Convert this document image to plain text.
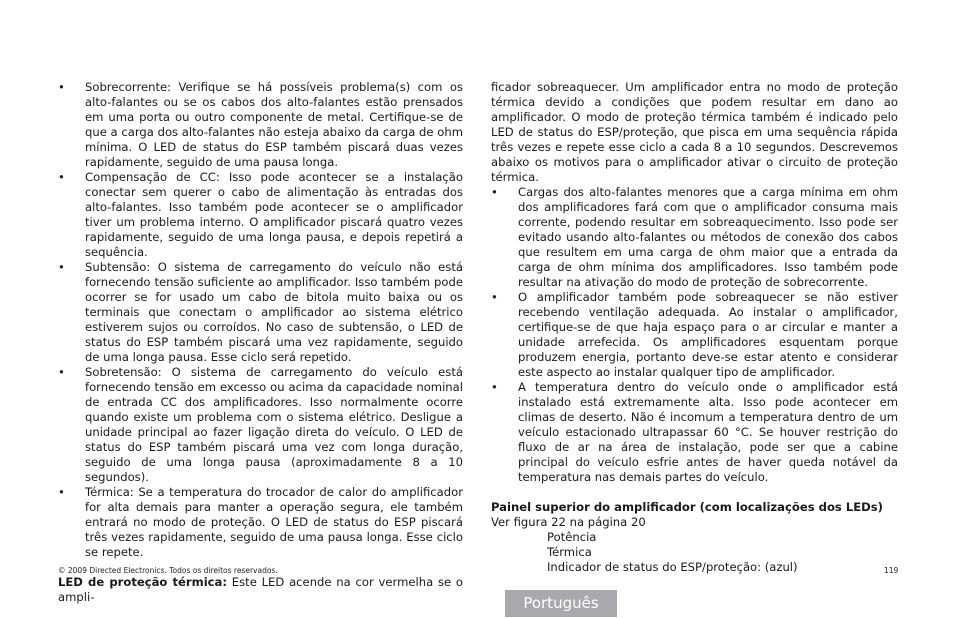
• Sobrecorrente: Verifique se há possíveis problema(s) com os alto-falantes ou se os cabos dos alto-falantes estão prensados em uma porta ou outro componente de metal. Certifique-se de que a carga dos alto-falantes não esteja abaixo da carga de ohm mínima. O LED de status do ESP também piscará duas vezes rapidamente, seguido de uma pausa longa.

• Compensação de CC: Isso pode acontecer se a instalação conectar sem querer o cabo de alimentação às entradas dos alto-falantes. Isso também pode acontecer se o amplificador tiver um problema interno. O amplificador piscará quatro vezes rapidamente, seguido de uma longa pausa, e depois repetirá a sequência.

• Subtensão: O sistema de carregamento do veículo não está fornecendo tensão suficiente ao amplificador. Isso também pode ocorrer se for usado um cabo de bitola muito baixa ou os terminais que conectam o amplificador ao sistema elétrico estiverem sujos ou corroídos. No caso de subtensão, o LED de status do ESP também piscará uma vez rapidamente, seguido de uma longa pausa. Esse ciclo será repetido.

• Sobretensão: O sistema de carregamento do veículo está fornecendo tensão em excesso ou acima da capacidade nominal de entrada CC dos amplificadores. Isso normalmente ocorre quando existe um problema com o sistema elétrico. Desligue a unidade principal ao fazer ligação direta do veículo. O LED de status do ESP também piscará uma vez com longa duração, seguido de uma longa pausa (aproximadamente 8 a 10 segundos).

• Térmica: Se a temperatura do trocador de calor do amplificador for alta demais para manter a operação segura, ele também entrará no modo de proteção. O LED de status do ESP piscará três vezes rapidamente, seguido de uma pausa longa. Esse ciclo se repete.

LED de proteção térmica: Este LED acende na cor vermelha se o ampli-

ficador sobreaquecer. Um amplificador entra no modo de proteção térmica devido a condições que podem resultar em dano ao amplificador. O modo de proteção térmica também é indicado pelo LED de status do ESP/proteção, que pisca em uma sequência rápida três vezes e repete esse ciclo a cada 8 a 10 segundos. Descrevemos abaixo os motivos para o amplificador ativar o circuito de proteção térmica.

• Cargas dos alto-falantes menores que a carga mínima em ohm dos amplificadores fará com que o amplificador consuma mais corrente, podendo resultar em sobreaquecimento. Isso pode ser evitado usando alto-falantes ou métodos de conexão dos cabos que resultem em uma carga de ohm maior que a entrada da carga de ohm mínima dos amplificadores. Isso também pode resultar na ativação do modo de proteção de sobrecorrente.

• O amplificador também pode sobreaquecer se não estiver recebendo ventilação adequada. Ao instalar o amplificador, certifique-se de que haja espaço para o ar circular e manter a unidade arrefecida. Os amplificadores esquentam porque produzem energia, portanto deve-se estar atento e considerar este aspecto ao instalar qualquer tipo de amplificador.

• A temperatura dentro do veículo onde o amplificador está instalado está extremamente alta. Isso pode acontecer em climas de deserto. Não é incomum a temperatura dentro de um veículo estacionado ultrapassar 60 °C. Se houver restrição do fluxo de ar na área de instalação, pode ser que a cabine principal do veículo esfrie antes de haver queda notável da temperatura nas demais partes do veículo.

Painel superior do amplificador (com localizações dos LEDs)

Ver figura 22 na página 20

Potência

Térmica

Indicador de status do ESP/proteção: (azul)

© 2009 Directed Electronics. Todos os direitos reservados.	119
Português
